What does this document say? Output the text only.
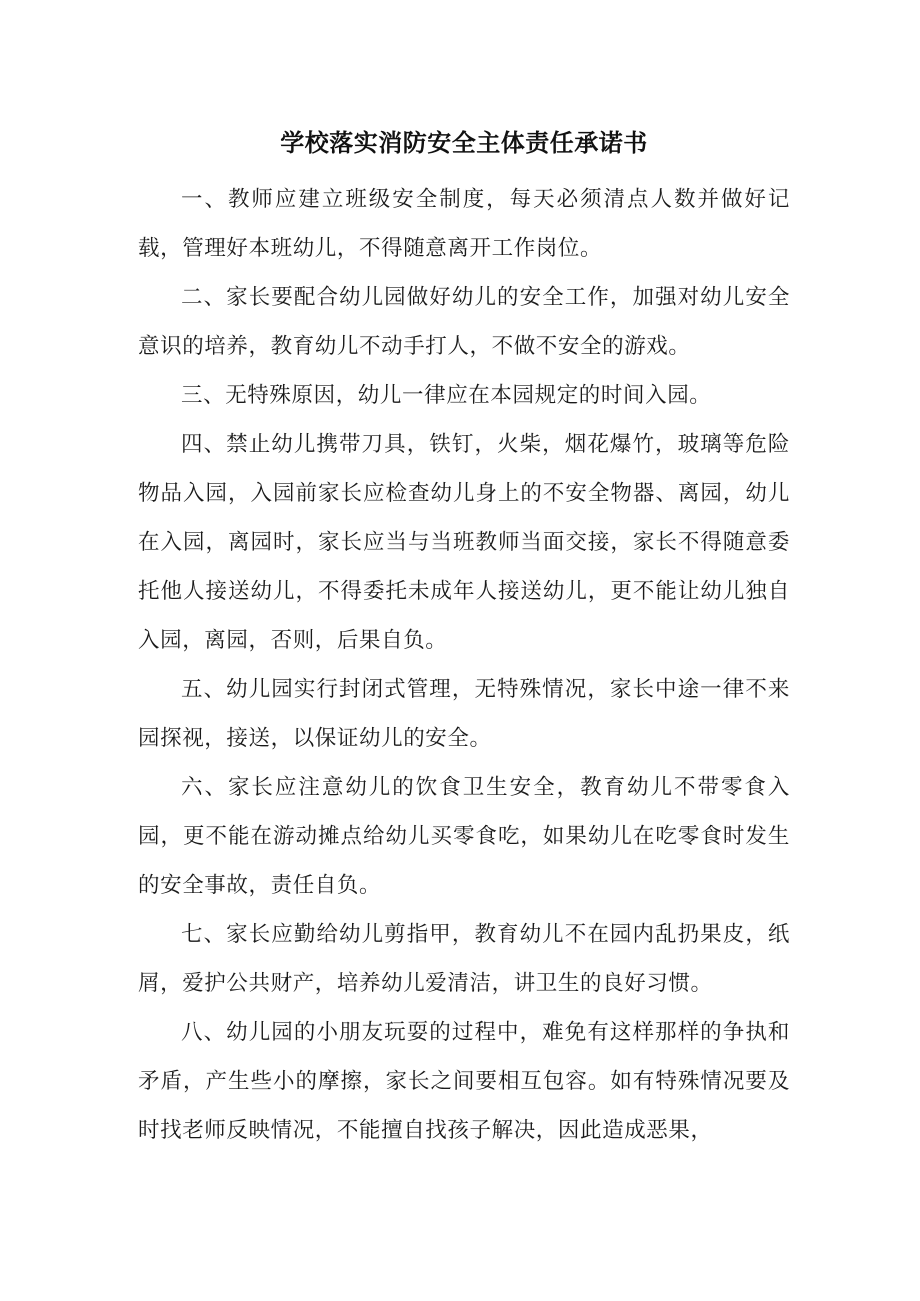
学校落实消防安全主体责任承诺书

一、教师应建立班级安全制度，每天必须清点人数并做好记载，管理好本班幼儿，不得随意离开工作岗位。

二、家长要配合幼儿园做好幼儿的安全工作，加强对幼儿安全意识的培养，教育幼儿不动手打人，不做不安全的游戏。

三、无特殊原因，幼儿一律应在本园规定的时间入园。

四、禁止幼儿携带刀具，铁钉，火柴，烟花爆竹，玻璃等危险物品入园，入园前家长应检查幼儿身上的不安全物器、离园，幼儿在入园，离园时，家长应当与当班教师当面交接，家长不得随意委托他人接送幼儿，不得委托未成年人接送幼儿，更不能让幼儿独自入园，离园，否则，后果自负。

五、幼儿园实行封闭式管理，无特殊情况，家长中途一律不来园探视，接送，以保证幼儿的安全。

六、家长应注意幼儿的饮食卫生安全，教育幼儿不带零食入园，更不能在游动摊点给幼儿买零食吃，如果幼儿在吃零食时发生的安全事故，责任自负。

七、家长应勤给幼儿剪指甲，教育幼儿不在园内乱扔果皮，纸屑，爱护公共财产，培养幼儿爱清洁，讲卫生的良好习惯。

八、幼儿园的小朋友玩耍的过程中，难免有这样那样的争执和矛盾，产生些小的摩擦，家长之间要相互包容。如有特殊情况要及时找老师反映情况，不能擅自找孩子解决，因此造成恶果，
